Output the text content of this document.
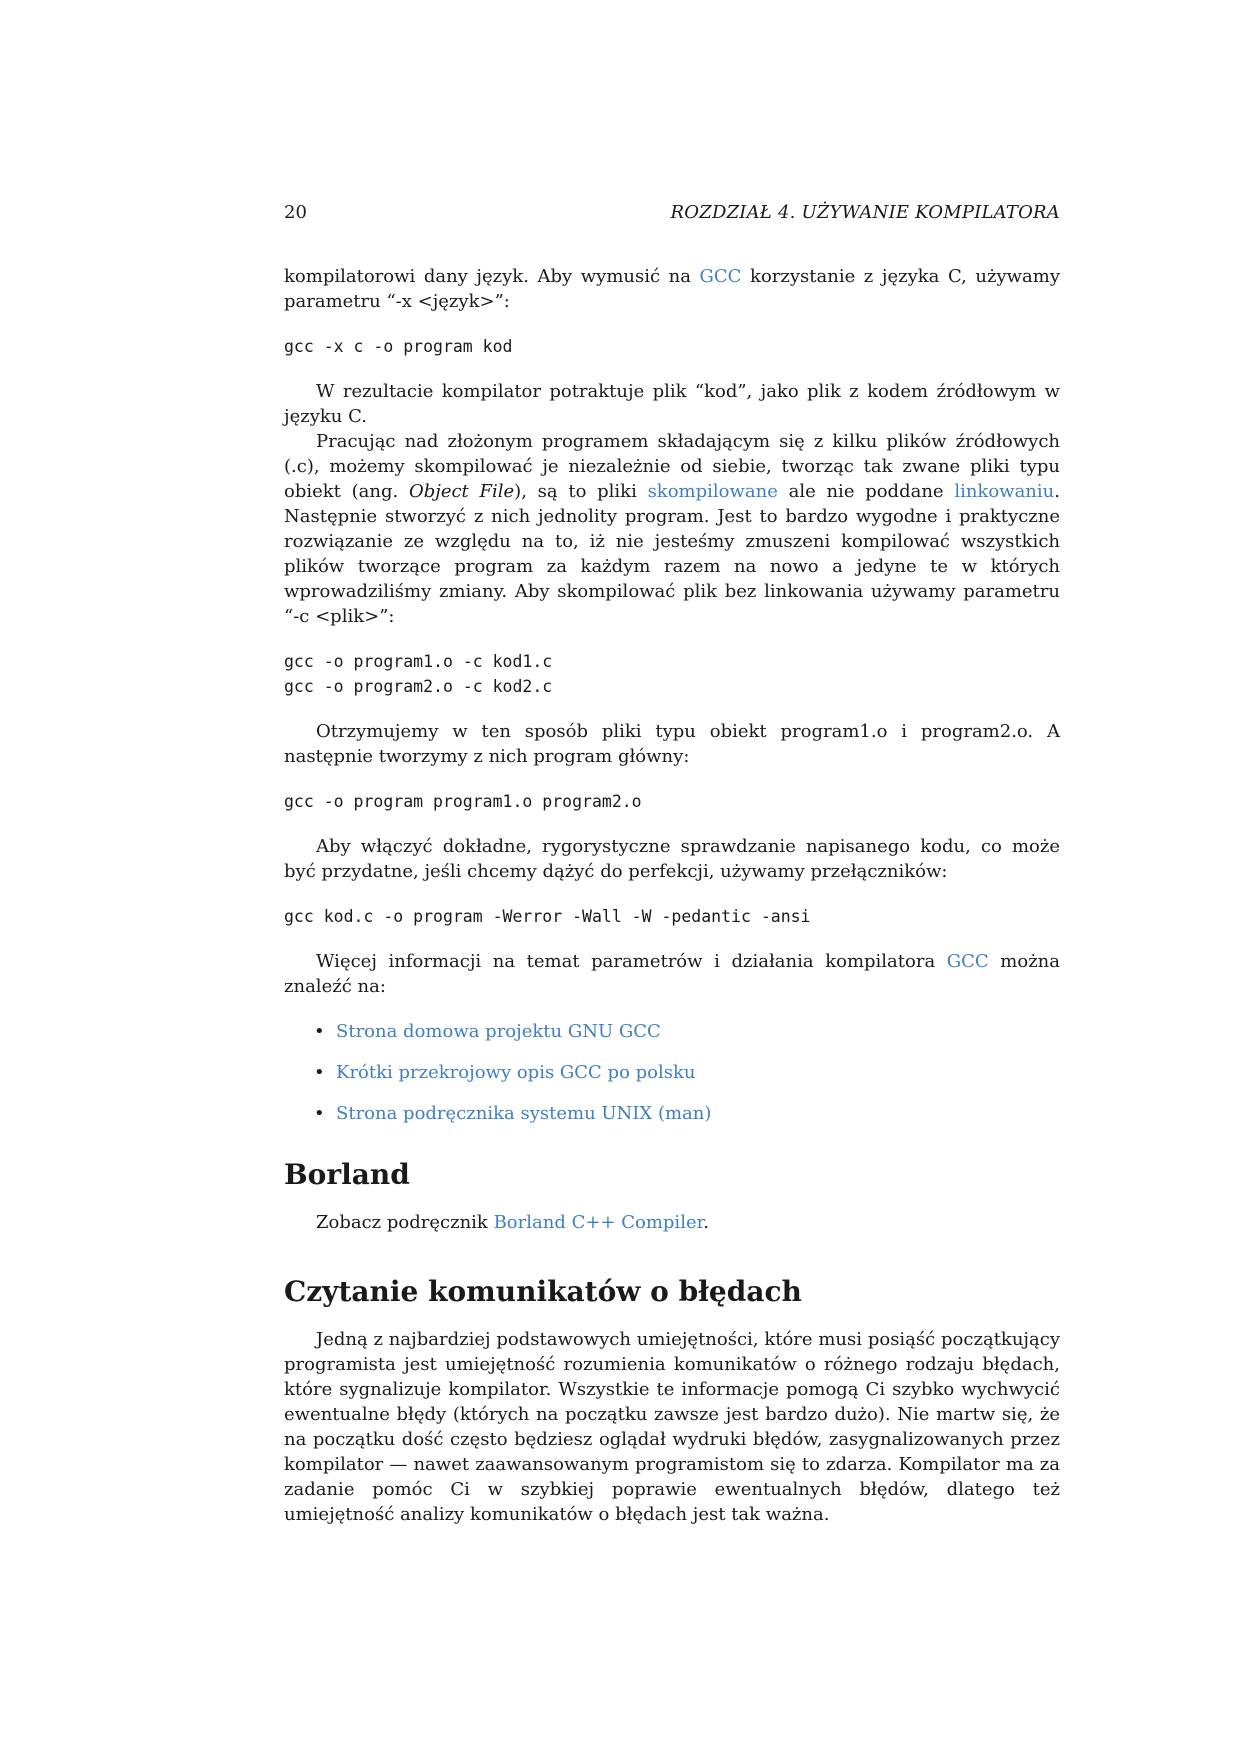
20	ROZDZIAŁ 4. UŻYWANIE KOMPILATORA

kompilatorowi dany język. Aby wymusić na GCC korzystanie z języka C, używamy parametru “-x <język>”:

gcc -x c -o program kod

W rezultacie kompilator potraktuje plik “kod”, jako plik z kodem źródłowym w języku C.

Pracując nad złożonym programem składającym się z kilku plików źródłowych (.c), możemy skompilować je niezależnie od siebie, tworząc tak zwane pliki typu obiekt (ang. Object File), są to pliki skompilowane ale nie poddane linkowaniu. Następnie stworzyć z nich jednolity program. Jest to bardzo wygodne i praktyczne rozwiązanie ze względu na to, iż nie jesteśmy zmuszeni kompilować wszystkich plików tworzące program za każdym razem na nowo a jedyne te w których wprowadziliśmy zmiany. Aby skompilować plik bez linkowania używamy parametru “-c <plik>”:

gcc -o program1.o -c kod1.c
gcc -o program2.o -c kod2.c

Otrzymujemy w ten sposób pliki typu obiekt program1.o i program2.o. A następnie tworzymy z nich program główny:

gcc -o program program1.o program2.o

Aby włączyć dokładne, rygorystyczne sprawdzanie napisanego kodu, co może być przydatne, jeśli chcemy dążyć do perfekcji, używamy przełączników:

gcc kod.c -o program -Werror -Wall -W -pedantic -ansi

Więcej informacji na temat parametrów i działania kompilatora GCC można znaleźć na:

• Strona domowa projektu GNU GCC
• Krótki przekrojowy opis GCC po polsku
• Strona podręcznika systemu UNIX (man)
Borland

Zobacz podręcznik Borland C++ Compiler.

Czytanie komunikatów o błędach

Jedną z najbardziej podstawowych umiejętności, które musi posiąść początkujący programista jest umiejętność rozumienia komunikatów o różnego rodzaju błędach, które sygnalizuje kompilator. Wszystkie te informacje pomogą Ci szybko wychwycić ewentualne błędy (których na początku zawsze jest bardzo dużo). Nie martw się, że na początku dość często będziesz oglądał wydruki błędów, zasygnalizowanych przez kompilator — nawet zaawansowanym programistom się to zdarza. Kompilator ma za zadanie pomóc Ci w szybkiej poprawie ewentualnych błędów, dlatego też umiejętność analizy komunikatów o błędach jest tak ważna.
